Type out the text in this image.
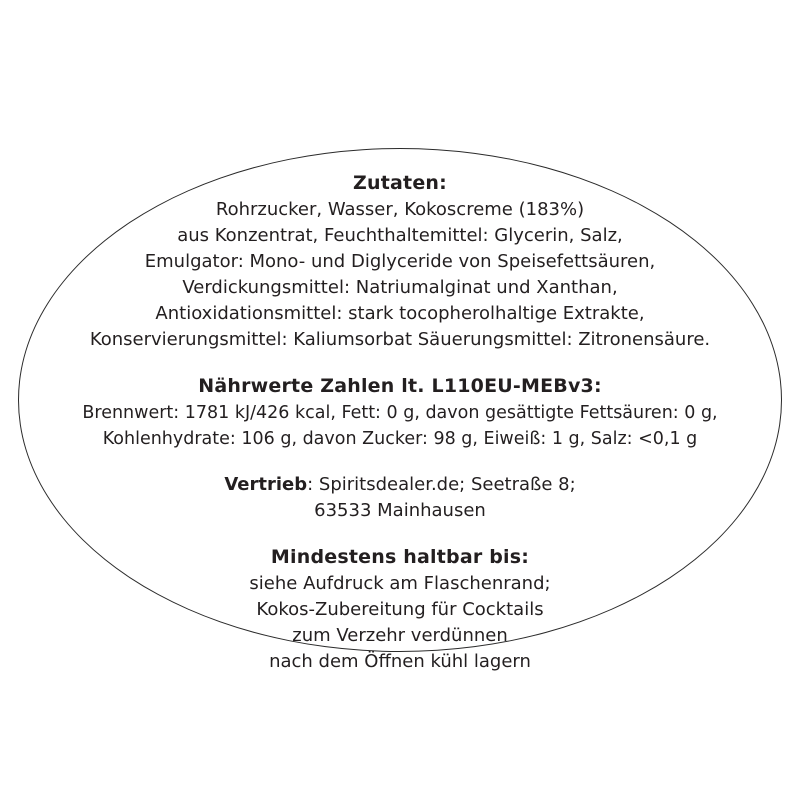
Zutaten:

Rohrzucker, Wasser, Kokoscreme (183%)

aus Konzentrat, Feuchthaltemittel: Glycerin, Salz,

Emulgator: Mono- und Diglyceride von Speisefettsäuren,

Verdickungsmittel: Natriumalginat und Xanthan,

Antioxidationsmittel: stark tocopherolhaltige Extrakte,

Konservierungsmittel: Kaliumsorbat Säuerungsmittel: Zitronensäure.

Nährwerte Zahlen lt. L110EU-MEBv3:

Brennwert: 1781 kJ/426 kcal, Fett: 0 g, davon gesättigte Fettsäuren: 0 g,

Kohlenhydrate: 106 g, davon Zucker: 98 g, Eiweiß: 1 g, Salz: <0,1 g

Vertrieb: Spiritsdealer.de; Seetraße 8;

63533 Mainhausen

Mindestens haltbar bis:

siehe Aufdruck am Flaschenrand;

Kokos-Zubereitung für Cocktails

zum Verzehr verdünnen

nach dem Öffnen kühl lagern
